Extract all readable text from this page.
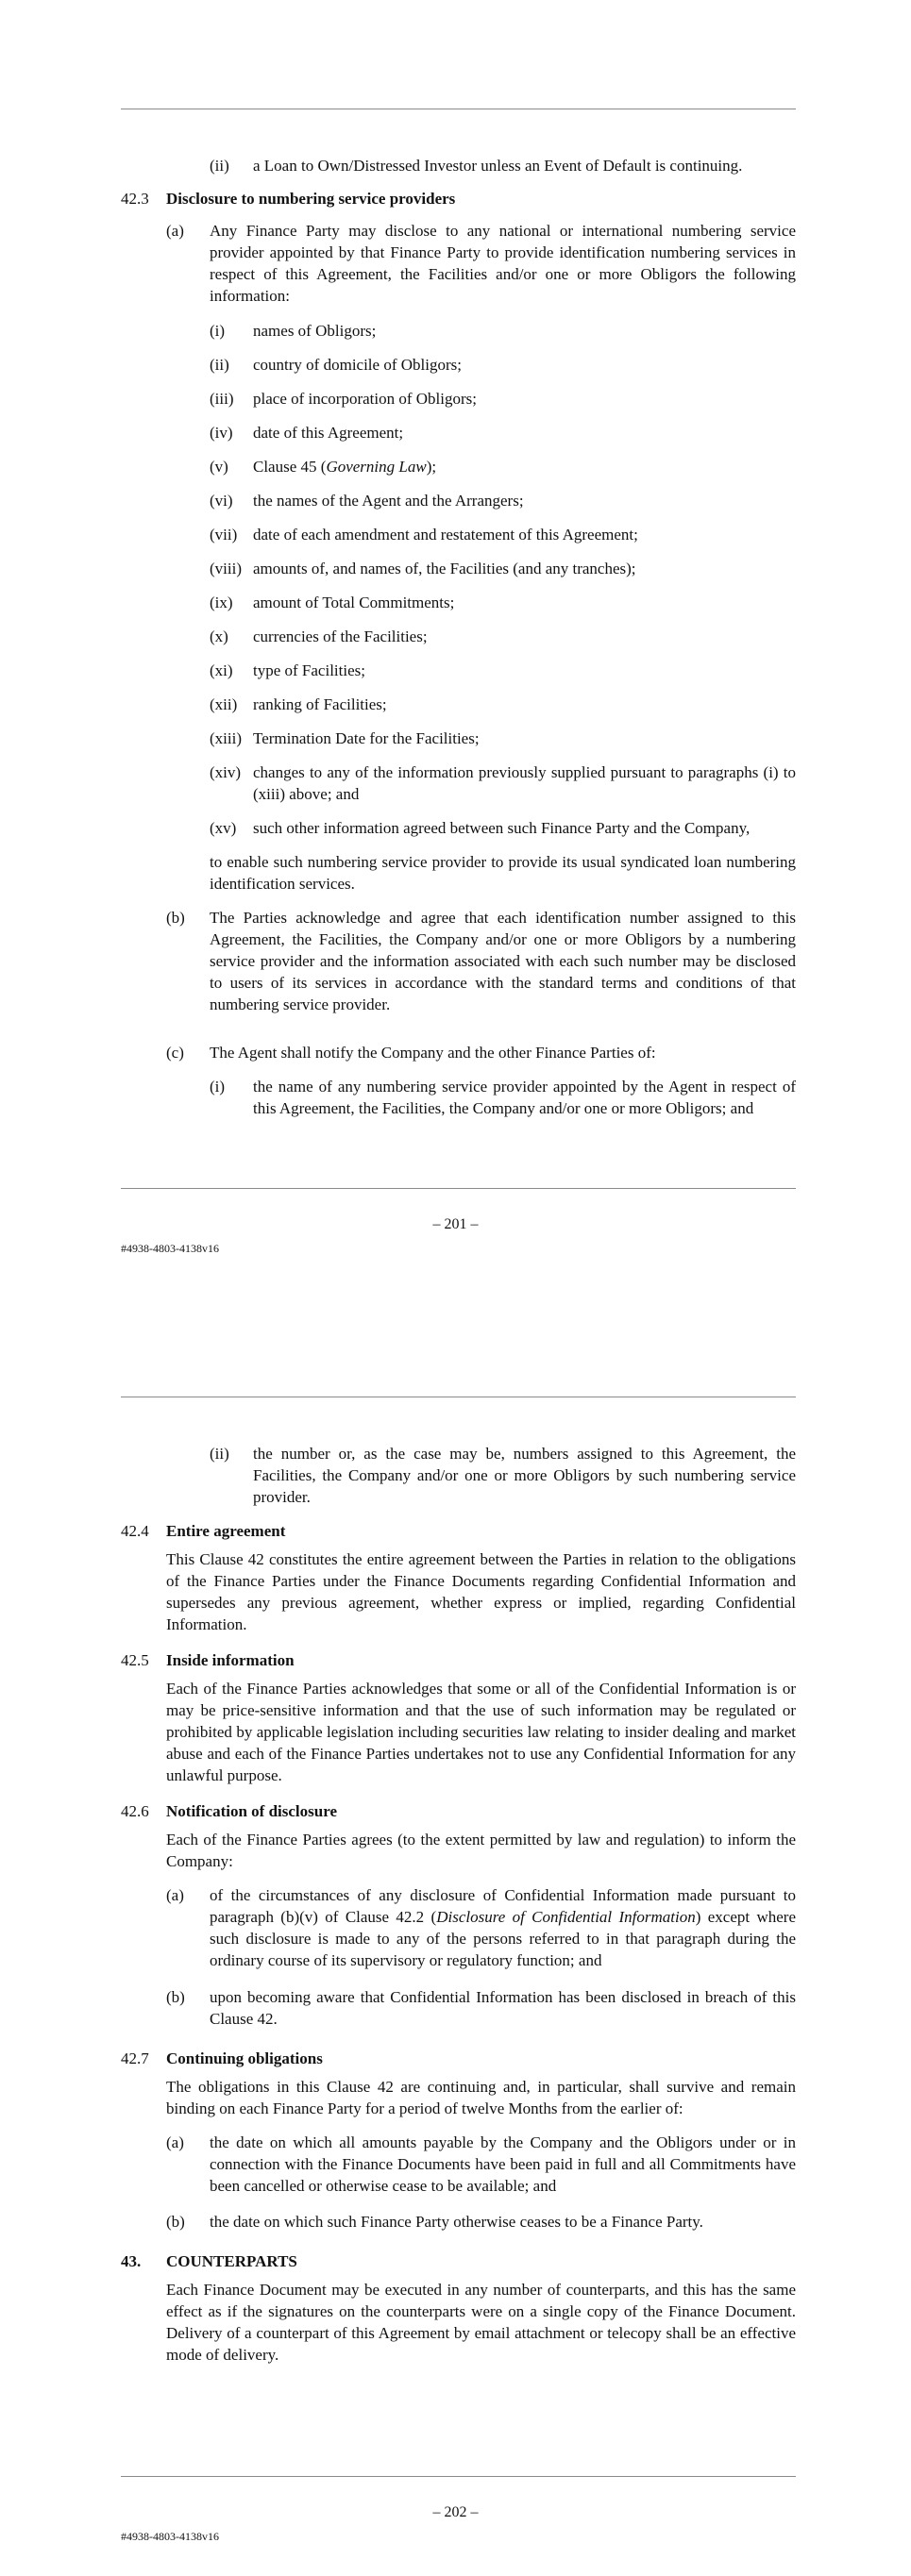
(ii) a Loan to Own/Distressed Investor unless an Event of Default is continuing.
42.3 Disclosure to numbering service providers
(a) Any Finance Party may disclose to any national or international numbering service provider appointed by that Finance Party to provide identification numbering services in respect of this Agreement, the Facilities and/or one or more Obligors the following information:
(i) names of Obligors;
(ii) country of domicile of Obligors;
(iii) place of incorporation of Obligors;
(iv) date of this Agreement;
(v) Clause 45 (Governing Law);
(vi) the names of the Agent and the Arrangers;
(vii) date of each amendment and restatement of this Agreement;
(viii) amounts of, and names of, the Facilities (and any tranches);
(ix) amount of Total Commitments;
(x) currencies of the Facilities;
(xi) type of Facilities;
(xii) ranking of Facilities;
(xiii) Termination Date for the Facilities;
(xiv) changes to any of the information previously supplied pursuant to paragraphs (i) to (xiii) above; and
(xv) such other information agreed between such Finance Party and the Company,
to enable such numbering service provider to provide its usual syndicated loan numbering identification services.
(b) The Parties acknowledge and agree that each identification number assigned to this Agreement, the Facilities, the Company and/or one or more Obligors by a numbering service provider and the information associated with each such number may be disclosed to users of its services in accordance with the standard terms and conditions of that numbering service provider.
(c) The Agent shall notify the Company and the other Finance Parties of:
(i) the name of any numbering service provider appointed by the Agent in respect of this Agreement, the Facilities, the Company and/or one or more Obligors; and
– 201 –
#4938-4803-4138v16
(ii) the number or, as the case may be, numbers assigned to this Agreement, the Facilities, the Company and/or one or more Obligors by such numbering service provider.
42.4 Entire agreement
This Clause 42 constitutes the entire agreement between the Parties in relation to the obligations of the Finance Parties under the Finance Documents regarding Confidential Information and supersedes any previous agreement, whether express or implied, regarding Confidential Information.
42.5 Inside information
Each of the Finance Parties acknowledges that some or all of the Confidential Information is or may be price-sensitive information and that the use of such information may be regulated or prohibited by applicable legislation including securities law relating to insider dealing and market abuse and each of the Finance Parties undertakes not to use any Confidential Information for any unlawful purpose.
42.6 Notification of disclosure
Each of the Finance Parties agrees (to the extent permitted by law and regulation) to inform the Company:
(a) of the circumstances of any disclosure of Confidential Information made pursuant to paragraph (b)(v) of Clause 42.2 (Disclosure of Confidential Information) except where such disclosure is made to any of the persons referred to in that paragraph during the ordinary course of its supervisory or regulatory function; and
(b) upon becoming aware that Confidential Information has been disclosed in breach of this Clause 42.
42.7 Continuing obligations
The obligations in this Clause 42 are continuing and, in particular, shall survive and remain binding on each Finance Party for a period of twelve Months from the earlier of:
(a) the date on which all amounts payable by the Company and the Obligors under or in connection with the Finance Documents have been paid in full and all Commitments have been cancelled or otherwise cease to be available; and
(b) the date on which such Finance Party otherwise ceases to be a Finance Party.
43. COUNTERPARTS
Each Finance Document may be executed in any number of counterparts, and this has the same effect as if the signatures on the counterparts were on a single copy of the Finance Document. Delivery of a counterpart of this Agreement by email attachment or telecopy shall be an effective mode of delivery.
– 202 –
#4938-4803-4138v16
